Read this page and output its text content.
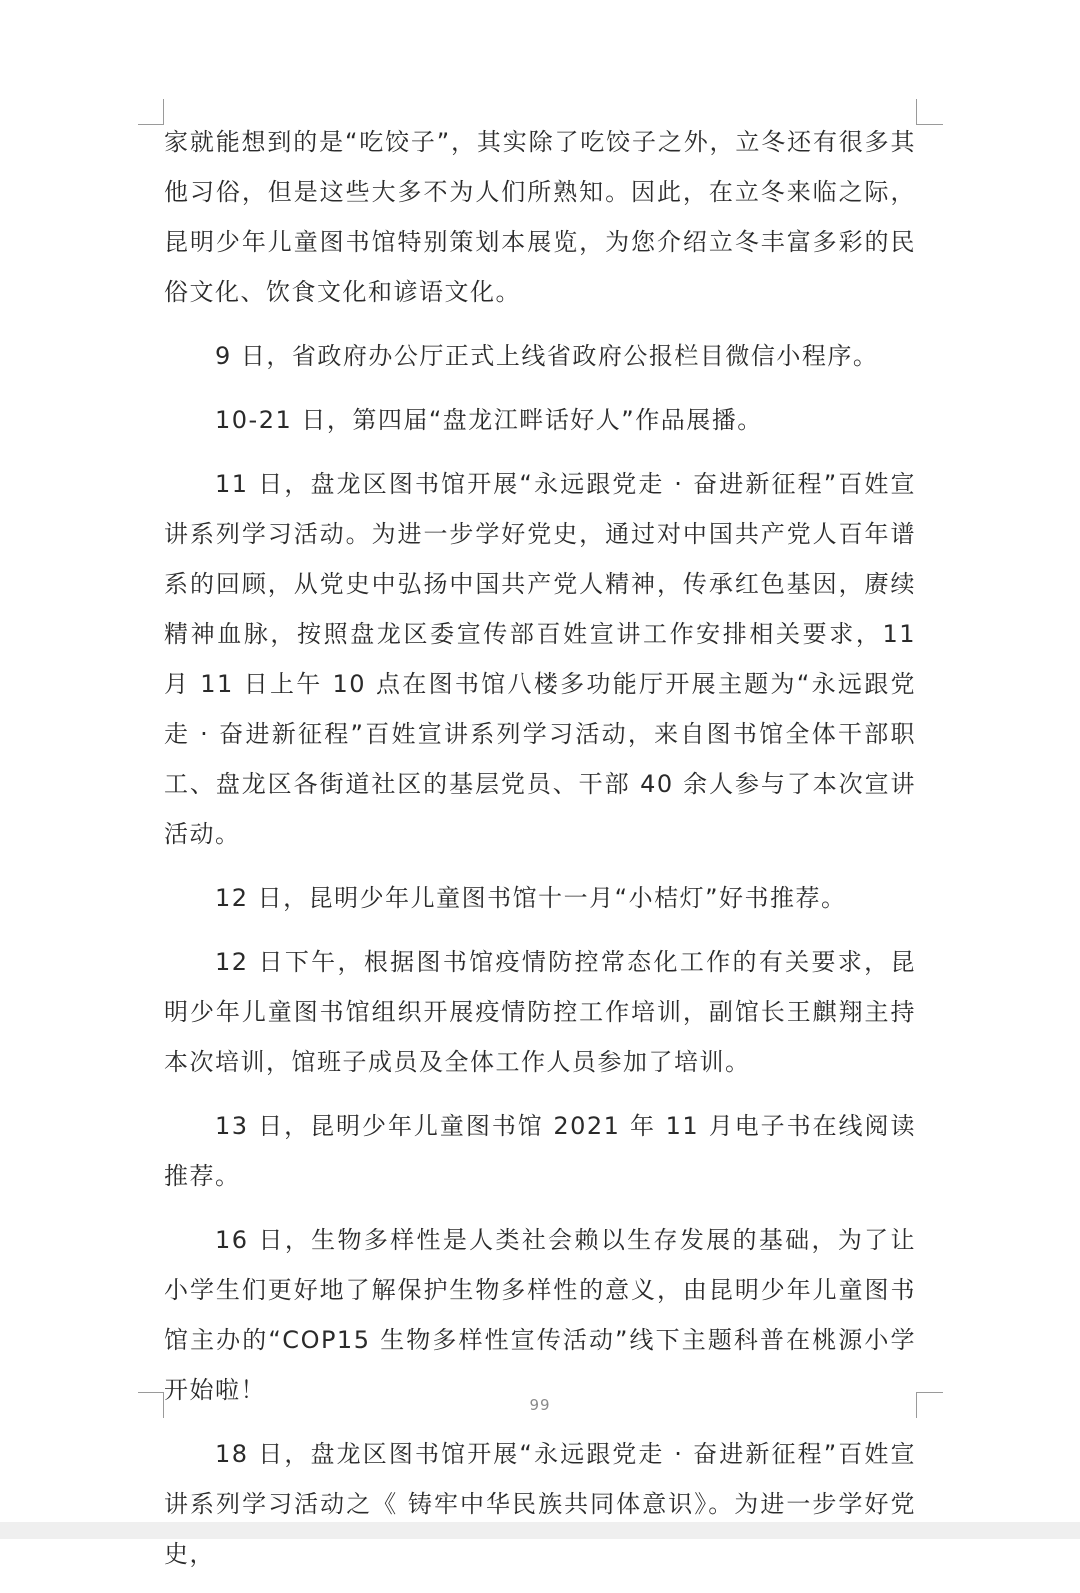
家就能想到的是“吃饺子”，其实除了吃饺子之外，立冬还有很多其他习俗，但是这些大多不为人们所熟知。因此，在立冬来临之际，昆明少年儿童图书馆特别策划本展览，为您介绍立冬丰富多彩的民俗文化、饮食文化和谚语文化。

9 日，省政府办公厅正式上线省政府公报栏目微信小程序。

10-21 日，第四届“盘龙江畔话好人”作品展播。

11 日，盘龙区图书馆开展“永远跟党走 · 奋进新征程”百姓宣讲系列学习活动。为进一步学好党史，通过对中国共产党人百年谱系的回顾，从党史中弘扬中国共产党人精神，传承红色基因，赓续精神血脉，按照盘龙区委宣传部百姓宣讲工作安排相关要求，11 月 11 日上午 10 点在图书馆八楼多功能厅开展主题为“永远跟党走 · 奋进新征程”百姓宣讲系列学习活动，来自图书馆全体干部职工、盘龙区各街道社区的基层党员、干部 40 余人参与了本次宣讲活动。

12 日，昆明少年儿童图书馆十一月“小桔灯”好书推荐。

12 日下午，根据图书馆疫情防控常态化工作的有关要求，昆明少年儿童图书馆组织开展疫情防控工作培训，副馆长王麒翔主持本次培训，馆班子成员及全体工作人员参加了培训。

13 日，昆明少年儿童图书馆 2021 年 11 月电子书在线阅读推荐。

16 日，生物多样性是人类社会赖以生存发展的基础，为了让小学生们更好地了解保护生物多样性的意义，由昆明少年儿童图书馆主办的“COP15 生物多样性宣传活动”线下主题科普在桃源小学开始啦！

18 日，盘龙区图书馆开展“永远跟党走 · 奋进新征程”百姓宣讲系列学习活动之《 铸牢中华民族共同体意识》。为进一步学好党史，

99
